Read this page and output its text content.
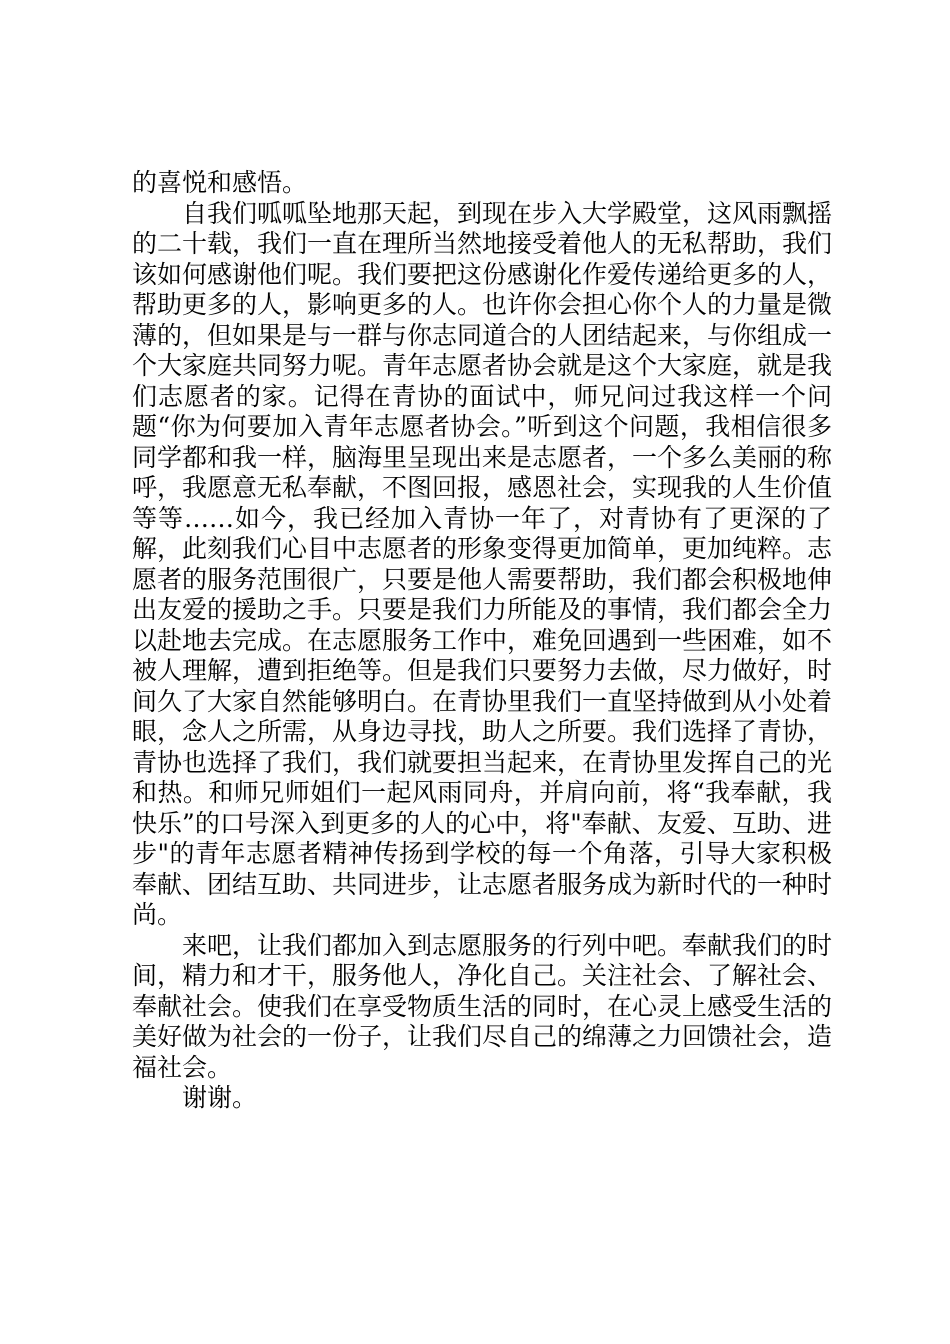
的喜悦和感悟。

自我们呱呱坠地那天起，到现在步入大学殿堂，这风雨飘摇的二十载，我们一直在理所当然地接受着他人的无私帮助，我们该如何感谢他们呢。我们要把这份感谢化作爱传递给更多的人，帮助更多的人，影响更多的人。也许你会担心你个人的力量是微薄的，但如果是与一群与你志同道合的人团结起来，与你组成一个大家庭共同努力呢。青年志愿者协会就是这个大家庭，就是我们志愿者的家。记得在青协的面试中，师兄问过我这样一个问题“你为何要加入青年志愿者协会。”听到这个问题，我相信很多同学都和我一样，脑海里呈现出来是志愿者，一个多么美丽的称呼，我愿意无私奉献，不图回报，感恩社会，实现我的人生价值等等……如今，我已经加入青协一年了，对青协有了更深的了解，此刻我们心目中志愿者的形象变得更加简单，更加纯粹。志愿者的服务范围很广，只要是他人需要帮助，我们都会积极地伸出友爱的援助之手。只要是我们力所能及的事情，我们都会全力以赴地去完成。在志愿服务工作中，难免回遇到一些困难，如不被人理解，遭到拒绝等。但是我们只要努力去做，尽力做好，时间久了大家自然能够明白。在青协里我们一直坚持做到从小处着眼，念人之所需，从身边寻找，助人之所要。我们选择了青协，青协也选择了我们，我们就要担当起来，在青协里发挥自己的光和热。和师兄师姐们一起风雨同舟，并肩向前，将“我奉献，我快乐”的口号深入到更多的人的心中，将"奉献、友爱、互助、进步"的青年志愿者精神传扬到学校的每一个角落，引导大家积极奉献、团结互助、共同进步，让志愿者服务成为新时代的一种时尚。

来吧，让我们都加入到志愿服务的行列中吧。奉献我们的时间，精力和才干，服务他人，净化自己。关注社会、了解社会、奉献社会。使我们在享受物质生活的同时，在心灵上感受生活的美好做为社会的一份子，让我们尽自己的绵薄之力回馈社会，造福社会。

谢谢。
